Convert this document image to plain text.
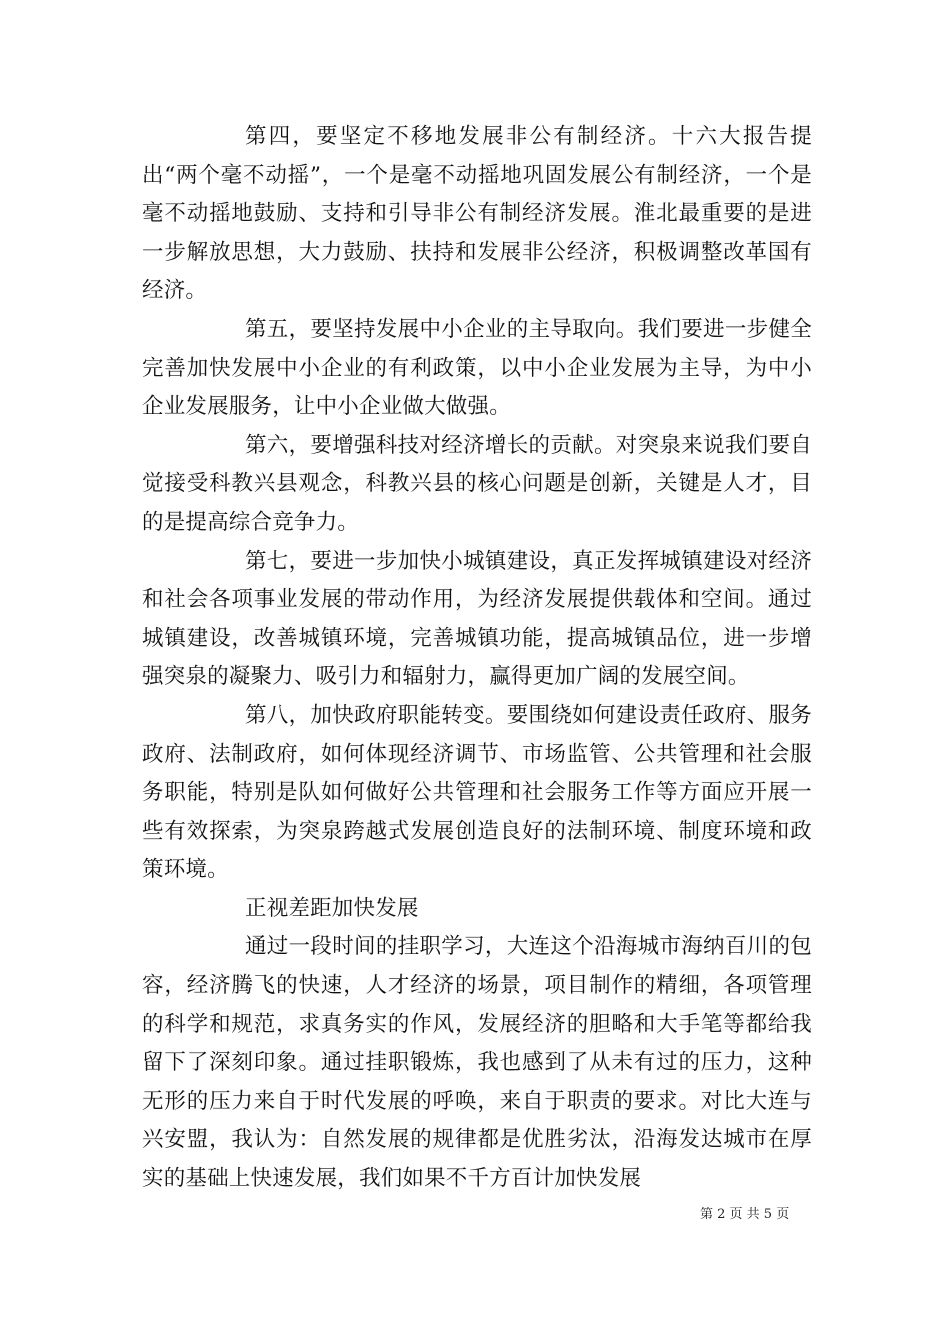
第四，要坚定不移地发展非公有制经济。十六大报告提出“两个毫不动摇”，一个是毫不动摇地巩固发展公有制经济，一个是毫不动摇地鼓励、支持和引导非公有制经济发展。淮北最重要的是进一步解放思想，大力鼓励、扶持和发展非公经济，积极调整改革国有经济。

第五，要坚持发展中小企业的主导取向。我们要进一步健全完善加快发展中小企业的有利政策，以中小企业发展为主导，为中小企业发展服务，让中小企业做大做强。

第六，要增强科技对经济增长的贡献。对突泉来说我们要自觉接受科教兴县观念，科教兴县的核心问题是创新，关键是人才，目的是提高综合竞争力。

第七，要进一步加快小城镇建设，真正发挥城镇建设对经济和社会各项事业发展的带动作用，为经济发展提供载体和空间。通过城镇建设，改善城镇环境，完善城镇功能，提高城镇品位，进一步增强突泉的凝聚力、吸引力和辐射力，赢得更加广阔的发展空间。

第八，加快政府职能转变。要围绕如何建设责任政府、服务政府、法制政府，如何体现经济调节、市场监管、公共管理和社会服务职能，特别是队如何做好公共管理和社会服务工作等方面应开展一些有效探索，为突泉跨越式发展创造良好的法制环境、制度环境和政策环境。

正视差距加快发展

通过一段时间的挂职学习，大连这个沿海城市海纳百川的包容，经济腾飞的快速，人才经济的场景，项目制作的精细，各项管理的科学和规范，求真务实的作风，发展经济的胆略和大手笔等都给我留下了深刻印象。通过挂职锻炼，我也感到了从未有过的压力，这种无形的压力来自于时代发展的呼唤，来自于职责的要求。对比大连与兴安盟，我认为：自然发展的规律都是优胜劣汰，沿海发达城市在厚实的基础上快速发展，我们如果不千方百计加快发展

第 2 页 共 5 页
